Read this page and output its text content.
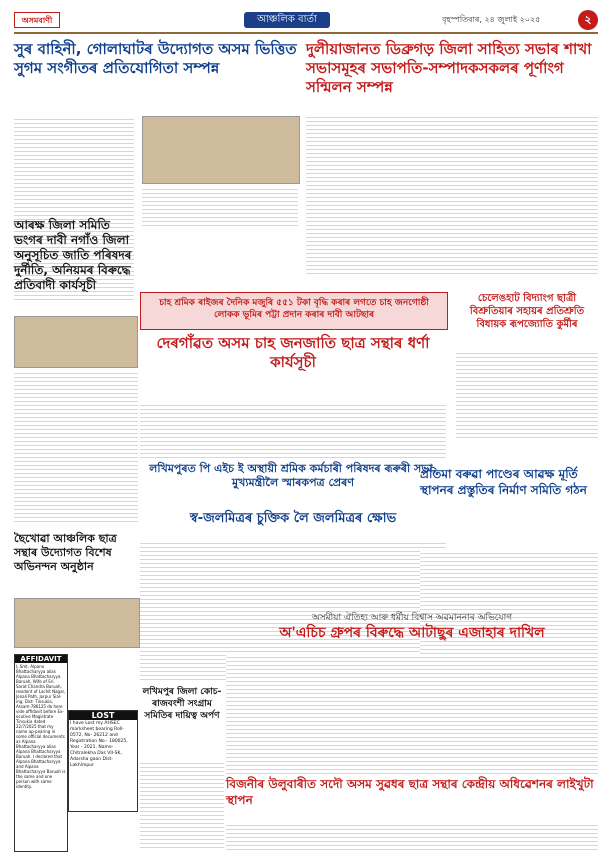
অসমবাণী	আঞ্চলিক বাৰ্তা	বৃহস্পতিবাৰ, ২৪ জুলাই ২০২৫	২
সুৰ বাহিনী, গোলাঘাটৰ উদ্যোগত অসম ভিত্তিত সুগম সংগীতৰ প্ৰতিযোগিতা সম্পন্ন
দুলীয়াজানত ডিব্ৰুগড় জিলা সাহিত্য সভাৰ শাখা সভাসমূহৰ সভাপতি-সম্পাদকসকলৰ পূৰ্ণাংগ সন্মিলন সম্পন্ন
আৰক্ষ জিলা সমিতি ভংগৰ দাবী নগাঁও জিলা অনুসূচিত জাতি পৰিষদৰ দুৰ্নীতি, অনিয়মৰ বিৰুদ্ধে প্ৰতিবাদী কাৰ্যসূচী
চাহ শ্ৰমিক ৰাইজৰ দৈনিক মজুৰি ৫৫১ টকা বৃদ্ধি কৰাৰ লগতে চাহ জনগোষ্ঠী লোকক ভূমিৰ পট্টা প্ৰদান কৰাৰ দাবী আটছাৰ
দেৰগাঁৱত অসম চাহ জনজাতি ছাত্ৰ সন্থাৰ ধৰ্ণা কাৰ্যসূচী
চেলেঙহাট বিদ্যাংগ ছাত্ৰী বিশ্ৰুতিয়াৰ সহায়ৰ প্ৰতিশ্ৰুতি বিধায়ক ৰূপজ্যোতি কুৰ্মীৰ
লখিমপুৰত পি এইচ ই অস্থায়ী শ্ৰমিক কৰ্মচাৰী পৰিষদৰ ৰূৰুৰী সভা, মুখ্যমন্ত্ৰীলৈ স্মাৰকপত্ৰ প্ৰেৰণ
স্ব-জলমিত্ৰৰ চুক্তিক লৈ জলমিত্ৰৰ ক্ষোভ
প্ৰতিমা বৰুৱা পাণ্ডেৰ আৱক্ষ মূৰ্তি স্থাপনৰ প্ৰস্তুতিৰ নিৰ্মাণ সমিতি গঠন
ছৈখোৱা আঞ্চলিক ছাত্ৰ সন্থাৰ উদ্যোগত বিশেষ অভিনন্দন অনুষ্ঠান
AFFIDAVIT
I, Smt. Alpana Bhattacharyya alias Alpana Bhattacharyya Baruah, Wife of Sri. Sarat Chandra Baruah, resident of Lachit Nagar, Jonali Path, Jorpur Sial-ing, Dist- Tinsukia, Assam-786125 do here vide affidavit before Ex-ecutive Magistrate Tinsukia dated 22/7/2025 that my name ap-pearing in some official documents as Alpana Bhattacharyya alias Alpana Bhattacharyya Baruah. I declared that Alpana Bhattacharyya and Alpana Bhattacharyya Baruah is the same and one person with same identity.
LOST
I have Lost my AHSEC marksheet bearing Roll- 0572, No- 26212 and Registration No.- 180025, Year - 2021. Name- Chitralekha Das VII-SK, Adarsha gaon Dist- Lakhimpur
অসমীয়া ঐতিহ্য আৰু ধৰ্মীয় বিশ্বাস অৱমাননাৰ অভিযোগ
অ'এচিচ গ্ৰুপৰ বিৰুদ্ধে আটাছুৰ এজাহাৰ দাখিল
লখিমপুৰ জিলা কোচ-ৰাজবংশী সংগ্ৰাম সমিতিৰ দায়িত্ব অৰ্পণ
বিজনীৰ উলুবাৰীত সদৌ অসম সুৱধৰ ছাত্ৰ সন্থাৰ কেন্দ্ৰীয় অধিৱেশনৰ লাইখুটা স্থাপন
